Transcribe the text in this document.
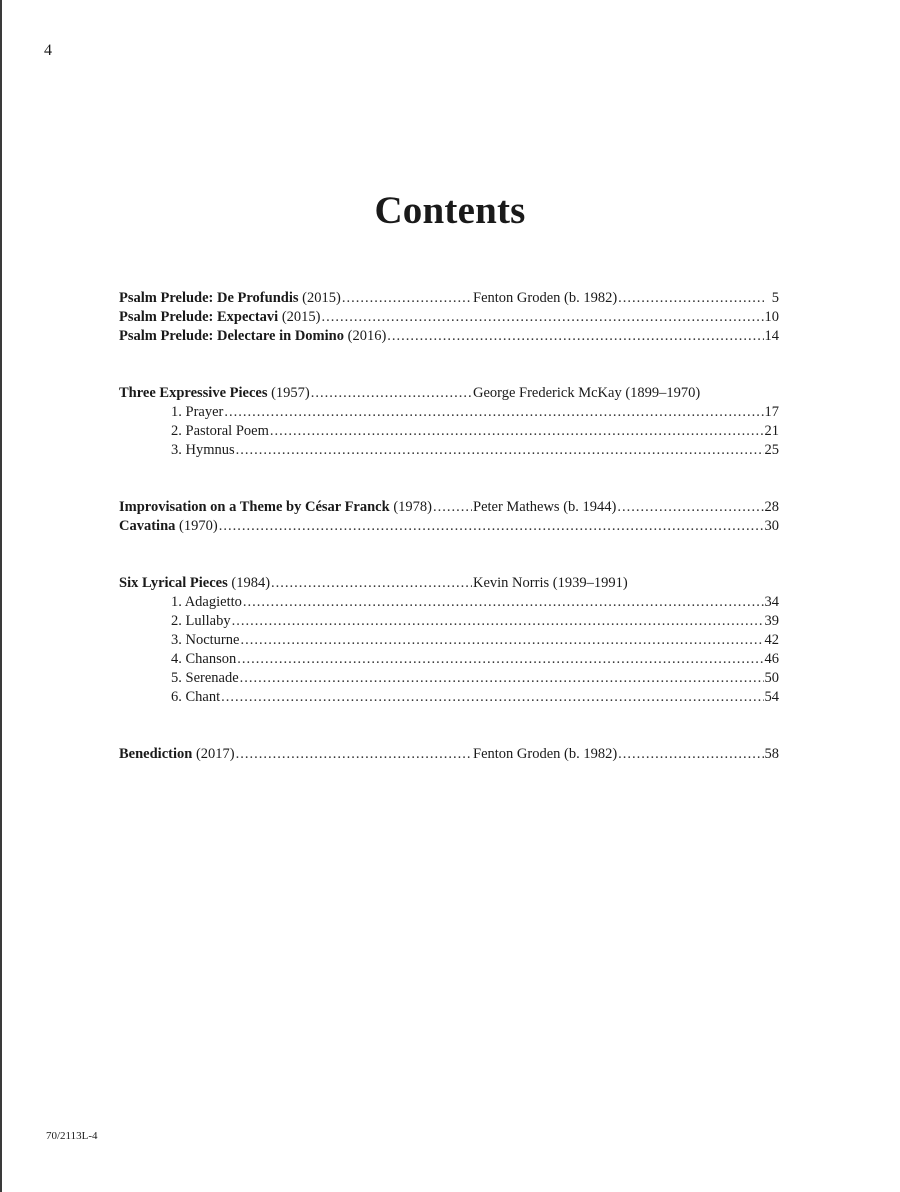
4
Contents
Psalm Prelude: De Profundis (2015) .....	Fenton Groden (b. 1982) .....	5
Psalm Prelude: Expectavi (2015) .....	10
Psalm Prelude: Delectare in Domino (2016) .....	14
Three Expressive Pieces (1957) .....	George Frederick McKay (1899–1970)
1. Prayer .....	17
2. Pastoral Poem .....	21
3. Hymnus .....	25
Improvisation on a Theme by César Franck (1978) .....	Peter Mathews (b. 1944) .....	28
Cavatina (1970) .....	30
Six Lyrical Pieces (1984) .....	Kevin Norris (1939–1991)
1. Adagietto .....	34
2. Lullaby .....	39
3. Nocturne .....	42
4. Chanson .....	46
5. Serenade .....	50
6. Chant .....	54
Benediction (2017) .....	Fenton Groden (b. 1982) .....	58
70/2113L-4
